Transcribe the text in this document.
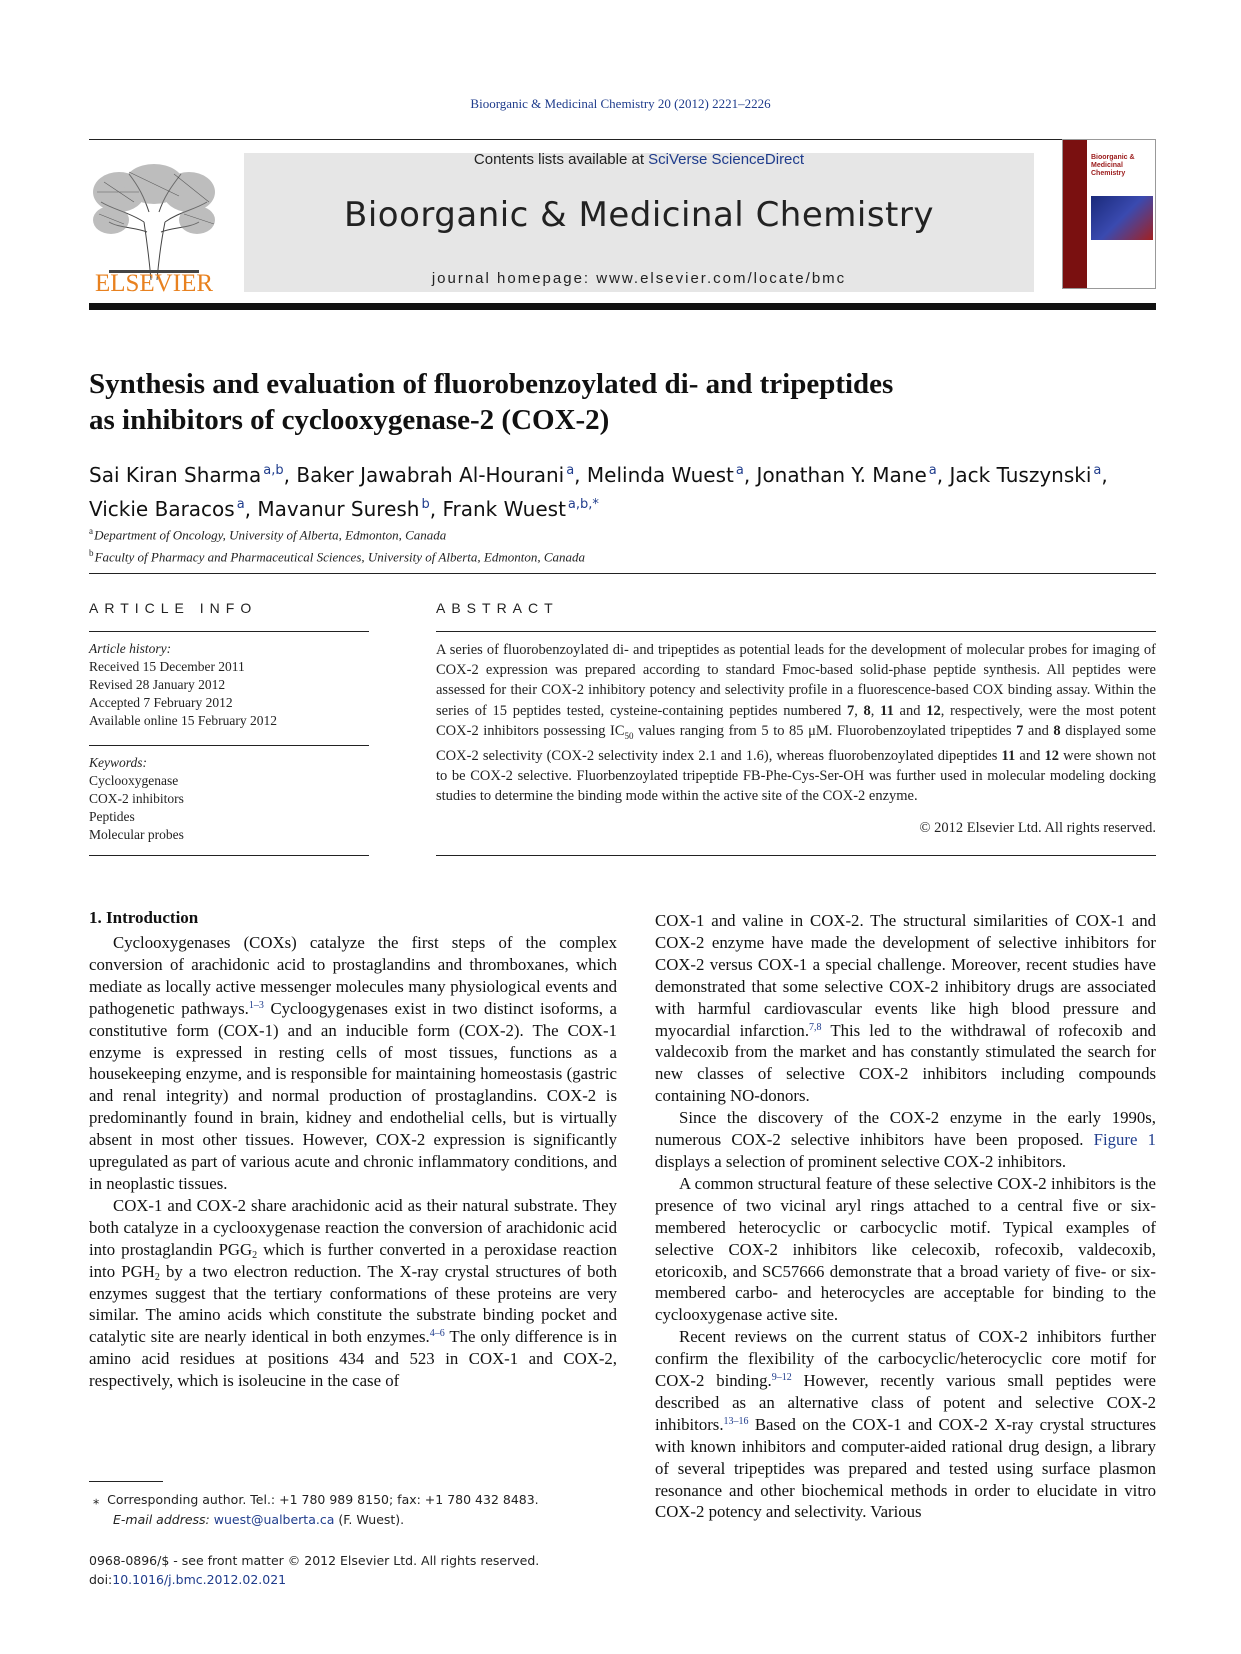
Bioorganic & Medicinal Chemistry 20 (2012) 2221–2226
ELSEVIER
Contents lists available at SciVerse ScienceDirect
Bioorganic & Medicinal Chemistry
journal homepage: www.elsevier.com/locate/bmc
Bioorganic & Medicinal Chemistry
Synthesis and evaluation of fluorobenzoylated di- and tripeptides
as inhibitors of cyclooxygenase-2 (COX-2)
Sai Kiran Sharma  $^{a,b}$, Baker Jawabrah Al-Hourani  $^a$, Melinda Wuest  $^a$, Jonathan Y. Mane  $^a$, Jack Tuszynski  $^a$,
Vickie Baracos  $^a$, Mavanur Suresh  $^b$, Frank Wuest  $^{a,b,*}$
$^a$ Department of Oncology, University of Alberta, Edmonton, Canada
$^b$ Faculty of Pharmacy and Pharmaceutical Sciences, University of Alberta, Edmonton, Canada
ARTICLE INFO	ABSTRACT
Article history:
Received 15 December 2011
Revised 28 January 2012
Accepted 7 February 2012
Available online 15 February 2012
Keywords:
Cyclooxygenase
COX-2 inhibitors
Peptides
Molecular probes
A series of fluorobenzoylated di- and tripeptides as potential leads for the development of molecular probes for imaging of COX-2 expression was prepared according to standard Fmoc-based solid-phase peptide synthesis. All peptides were assessed for their COX-2 inhibitory potency and selectivity profile in a fluorescence-based COX binding assay. Within the series of 15 peptides tested, cysteine-containing peptides numbered 7, 8, 11 and 12, respectively, were the most potent COX-2 inhibitors possessing $IC_{50}$ values ranging from 5 to 85 μM. Fluorobenzoylated tripeptides 7 and 8 displayed some COX-2 selectivity (COX-2 selectivity index 2.1 and 1.6), whereas fluorobenzoylated dipeptides 11 and 12 were shown not to be COX-2 selective. Fluorbenzoylated tripeptide FB-Phe-Cys-Ser-OH was further used in molecular modeling docking studies to determine the binding mode within the active site of the COX-2 enzyme.
© 2012 Elsevier Ltd. All rights reserved.
1. Introduction

Cyclooxygenases (COXs) catalyze the first steps of the complex conversion of arachidonic acid to prostaglandins and thromboxanes, which mediate as locally active messenger molecules many physiological events and pathogenetic pathways.$^{1-3}$ Cycloogygenases exist in two distinct isoforms, a constitutive form (COX-1) and an inducible form (COX-2). The COX-1 enzyme is expressed in resting cells of most tissues, functions as a housekeeping enzyme, and is responsible for maintaining homeostasis (gastric and renal integrity) and normal production of prostaglandins. COX-2 is predominantly found in brain, kidney and endothelial cells, but is virtually absent in most other tissues. However, COX-2 expression is significantly upregulated as part of various acute and chronic inflammatory conditions, and in neoplastic tissues.

COX-1 and COX-2 share arachidonic acid as their natural substrate. They both catalyze in a cyclooxygenase reaction the conversion of arachidonic acid into prostaglandin $PGG_2$ which is further converted in a peroxidase reaction into $PGH_2$ by a two electron reduction. The X-ray crystal structures of both enzymes suggest that the tertiary conformations of these proteins are very similar. The amino acids which constitute the substrate binding pocket and catalytic site are nearly identical in both enzymes.$^{4-6}$ The only difference is in amino acid residues at positions 434 and 523 in COX-1 and COX-2, respectively, which is isoleucine in the case of

COX-1 and valine in COX-2. The structural similarities of COX-1 and COX-2 enzyme have made the development of selective inhibitors for COX-2 versus COX-1 a special challenge. Moreover, recent studies have demonstrated that some selective COX-2 inhibitory drugs are associated with harmful cardiovascular events like high blood pressure and myocardial infarction.$^{7,8}$ This led to the withdrawal of rofecoxib and valdecoxib from the market and has constantly stimulated the search for new classes of selective COX-2 inhibitors including compounds containing NO-donors.

Since the discovery of the COX-2 enzyme in the early 1990s, numerous COX-2 selective inhibitors have been proposed. Figure 1 displays a selection of prominent selective COX-2 inhibitors.

A common structural feature of these selective COX-2 inhibitors is the presence of two vicinal aryl rings attached to a central five or six-membered heterocyclic or carbocyclic motif. Typical examples of selective COX-2 inhibitors like celecoxib, rofecoxib, valdecoxib, etoricoxib, and SC57666 demonstrate that a broad variety of five- or six-membered carbo- and heterocycles are acceptable for binding to the cyclooxygenase active site.

Recent reviews on the current status of COX-2 inhibitors further confirm the flexibility of the carbocyclic/heterocyclic core motif for COX-2 binding.$^{9-12}$ However, recently various small peptides were described as an alternative class of potent and selective COX-2 inhibitors.$^{13-16}$ Based on the COX-1 and COX-2 X-ray crystal structures with known inhibitors and computer-aided rational drug design, a library of several tripeptides was prepared and tested using surface plasmon resonance and other biochemical methods in order to elucidate in vitro COX-2 potency and selectivity. Various

⁎  Corresponding author. Tel.: +1 780 989 8150; fax: +1 780 432 8483.
E-mail address: wuest@ualberta.ca (F. Wuest).
0968-0896/$ - see front matter © 2012 Elsevier Ltd. All rights reserved.
doi:10.1016/j.bmc.2012.02.021
